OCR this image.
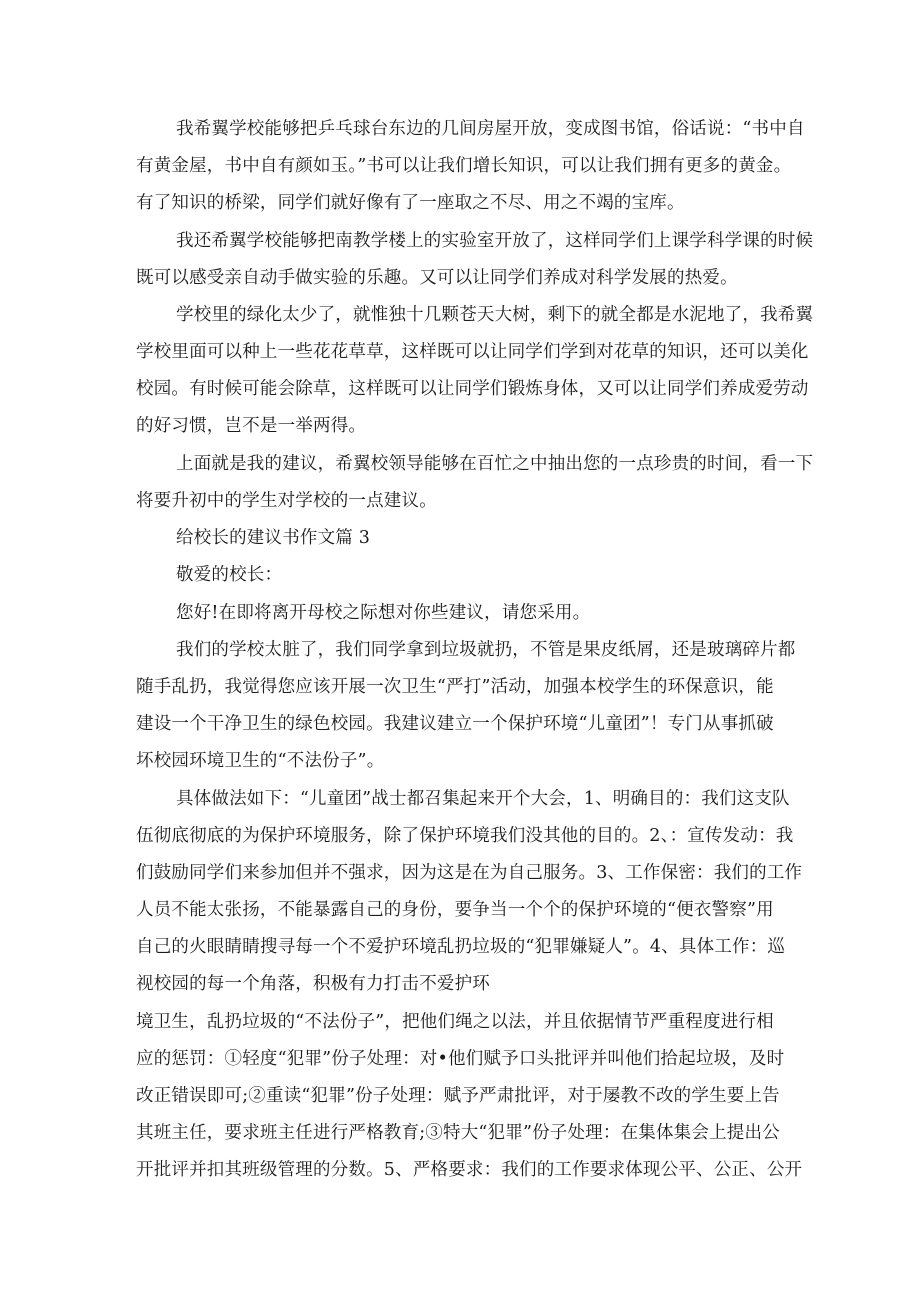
我希翼学校能够把乒乓球台东边的几间房屋开放，变成图书馆，俗话说：“书中自
有黄金屋，书中自有颜如玉。”书可以让我们增长知识，可以让我们拥有更多的黄金。
有了知识的桥梁，同学们就好像有了一座取之不尽、用之不竭的宝库。
我还希翼学校能够把南教学楼上的实验室开放了，这样同学们上课学科学课的时候
既可以感受亲自动手做实验的乐趣。又可以让同学们养成对科学发展的热爱。
学校里的绿化太少了，就惟独十几颗苍天大树，剩下的就全都是水泥地了，我希翼
学校里面可以种上一些花花草草，这样既可以让同学们学到对花草的知识，还可以美化
校园。有时候可能会除草，这样既可以让同学们锻炼身体，又可以让同学们养成爱劳动
的好习惯，岂不是一举两得。
上面就是我的建议，希翼校领导能够在百忙之中抽出您的一点珍贵的时间，看一下
将要升初中的学生对学校的一点建议。
给校长的建议书作文篇 3
敬爱的校长：
您好!在即将离开母校之际想对你些建议，请您采用。
我们的学校太脏了，我们同学拿到垃圾就扔，不管是果皮纸屑，还是玻璃碎片都
随手乱扔，我觉得您应该开展一次卫生“严打”活动，加强本校学生的环保意识，能
建设一个干净卫生的绿色校园。我建议建立一个保护环境“儿童团”！专门从事抓破
坏校园环境卫生的“不法份子”。
具体做法如下：“儿童团”战士都召集起来开个大会，1、明确目的：我们这支队
伍彻底彻底的为保护环境服务，除了保护环境我们没其他的目的。2、：宣传发动：我
们鼓励同学们来参加但并不强求，因为这是在为自己服务。3、工作保密：我们的工作
人员不能太张扬，不能暴露自己的身份，要争当一个个的保护环境的“便衣警察”用
自己的火眼睛睛搜寻每一个不爱护环境乱扔垃圾的“犯罪嫌疑人”。4、具体工作：巡
视校园的每一个角落，积极有力打击不爱护环
境卫生，乱扔垃圾的“不法份子”，把他们绳之以法，并且依据情节严重程度进行相
应的惩罚：①轻度“犯罪”份子处理：对•他们赋予口头批评并叫他们拾起垃圾，及时
改正错误即可;②重读“犯罪”份子处理：赋予严肃批评，对于屡教不改的学生要上告
其班主任，要求班主任进行严格教育;③特大“犯罪”份子处理：在集体集会上提出公
开批评并扣其班级管理的分数。5、严格要求：我们的工作要求体现公平、公正、公开
